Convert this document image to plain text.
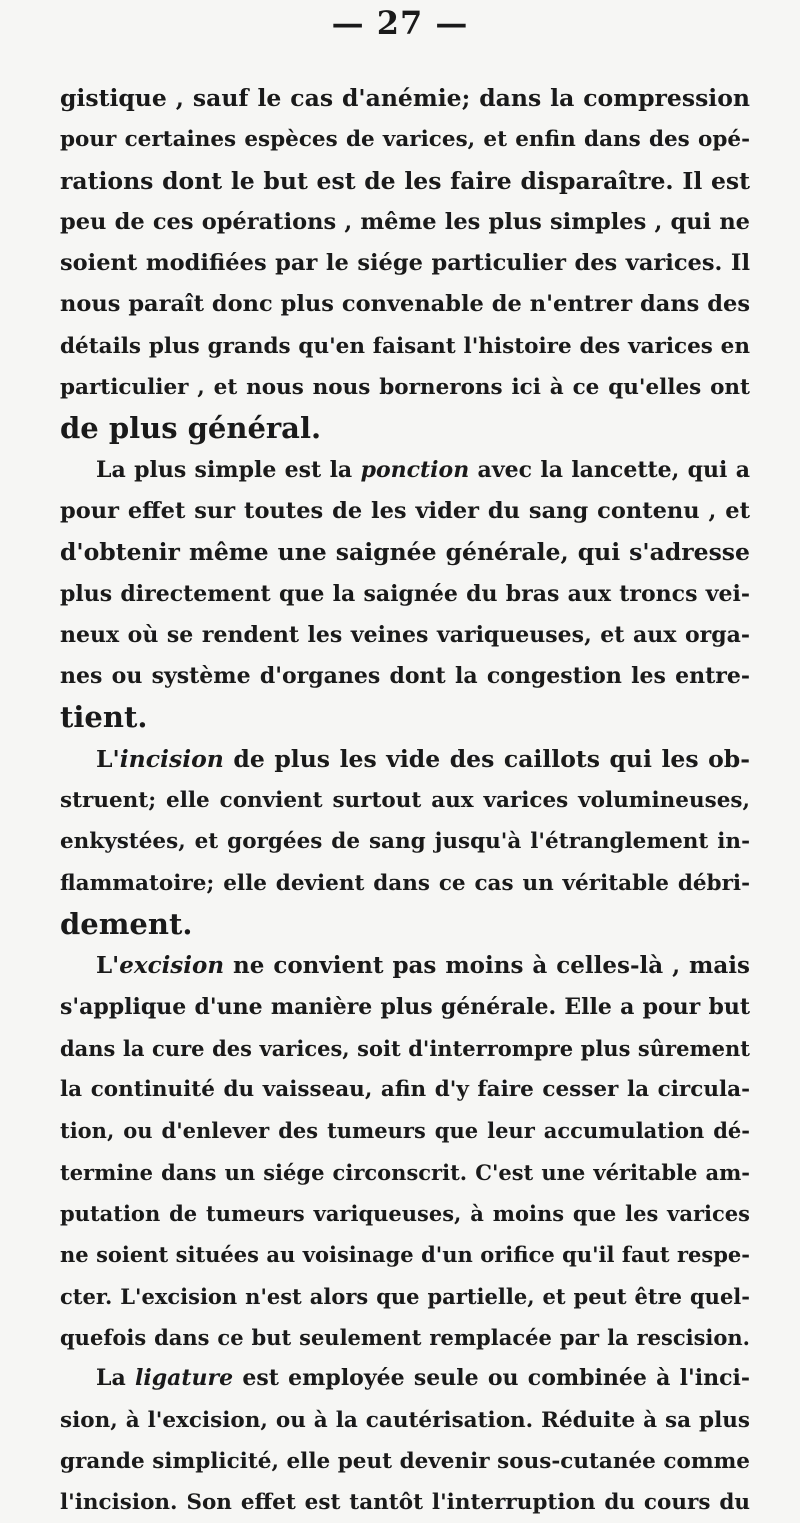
— 27 —
gistique , sauf le cas d'anémie; dans la compression
pour certaines espèces de varices, et enfin dans des opé-
rations dont le but est de les faire disparaître. Il est
peu de ces opérations , même les plus simples , qui ne
soient modifiées par le siége particulier des varices. Il
nous paraît donc plus convenable de n'entrer dans des
détails plus grands qu'en faisant l'histoire des varices en
particulier , et nous nous bornerons ici à ce qu'elles ont
de plus général.
La plus simple est la ponction avec la lancette, qui a
pour effet sur toutes de les vider du sang contenu , et
d'obtenir même une saignée générale, qui s'adresse
plus directement que la saignée du bras aux troncs vei-
neux où se rendent les veines variqueuses, et aux orga-
nes ou système d'organes dont la congestion les entre-
tient.
L'incision de plus les vide des caillots qui les ob-
struent; elle convient surtout aux varices volumineuses,
enkystées, et gorgées de sang jusqu'à l'étranglement in-
flammatoire; elle devient dans ce cas un véritable débri-
dement.
L'excision ne convient pas moins à celles-là , mais
s'applique d'une manière plus générale. Elle a pour but
dans la cure des varices, soit d'interrompre plus sûrement
la continuité du vaisseau, afin d'y faire cesser la circula-
tion, ou d'enlever des tumeurs que leur accumulation dé-
termine dans un siége circonscrit. C'est une véritable am-
putation de tumeurs variqueuses, à moins que les varices
ne soient situées au voisinage d'un orifice qu'il faut respe-
cter. L'excision n'est alors que partielle, et peut être quel-
quefois dans ce but seulement remplacée par la rescision.
La ligature est employée seule ou combinée à l'inci-
sion, à l'excision, ou à la cautérisation. Réduite à sa plus
grande simplicité, elle peut devenir sous-cutanée comme
l'incision. Son effet est tantôt l'interruption du cours du
